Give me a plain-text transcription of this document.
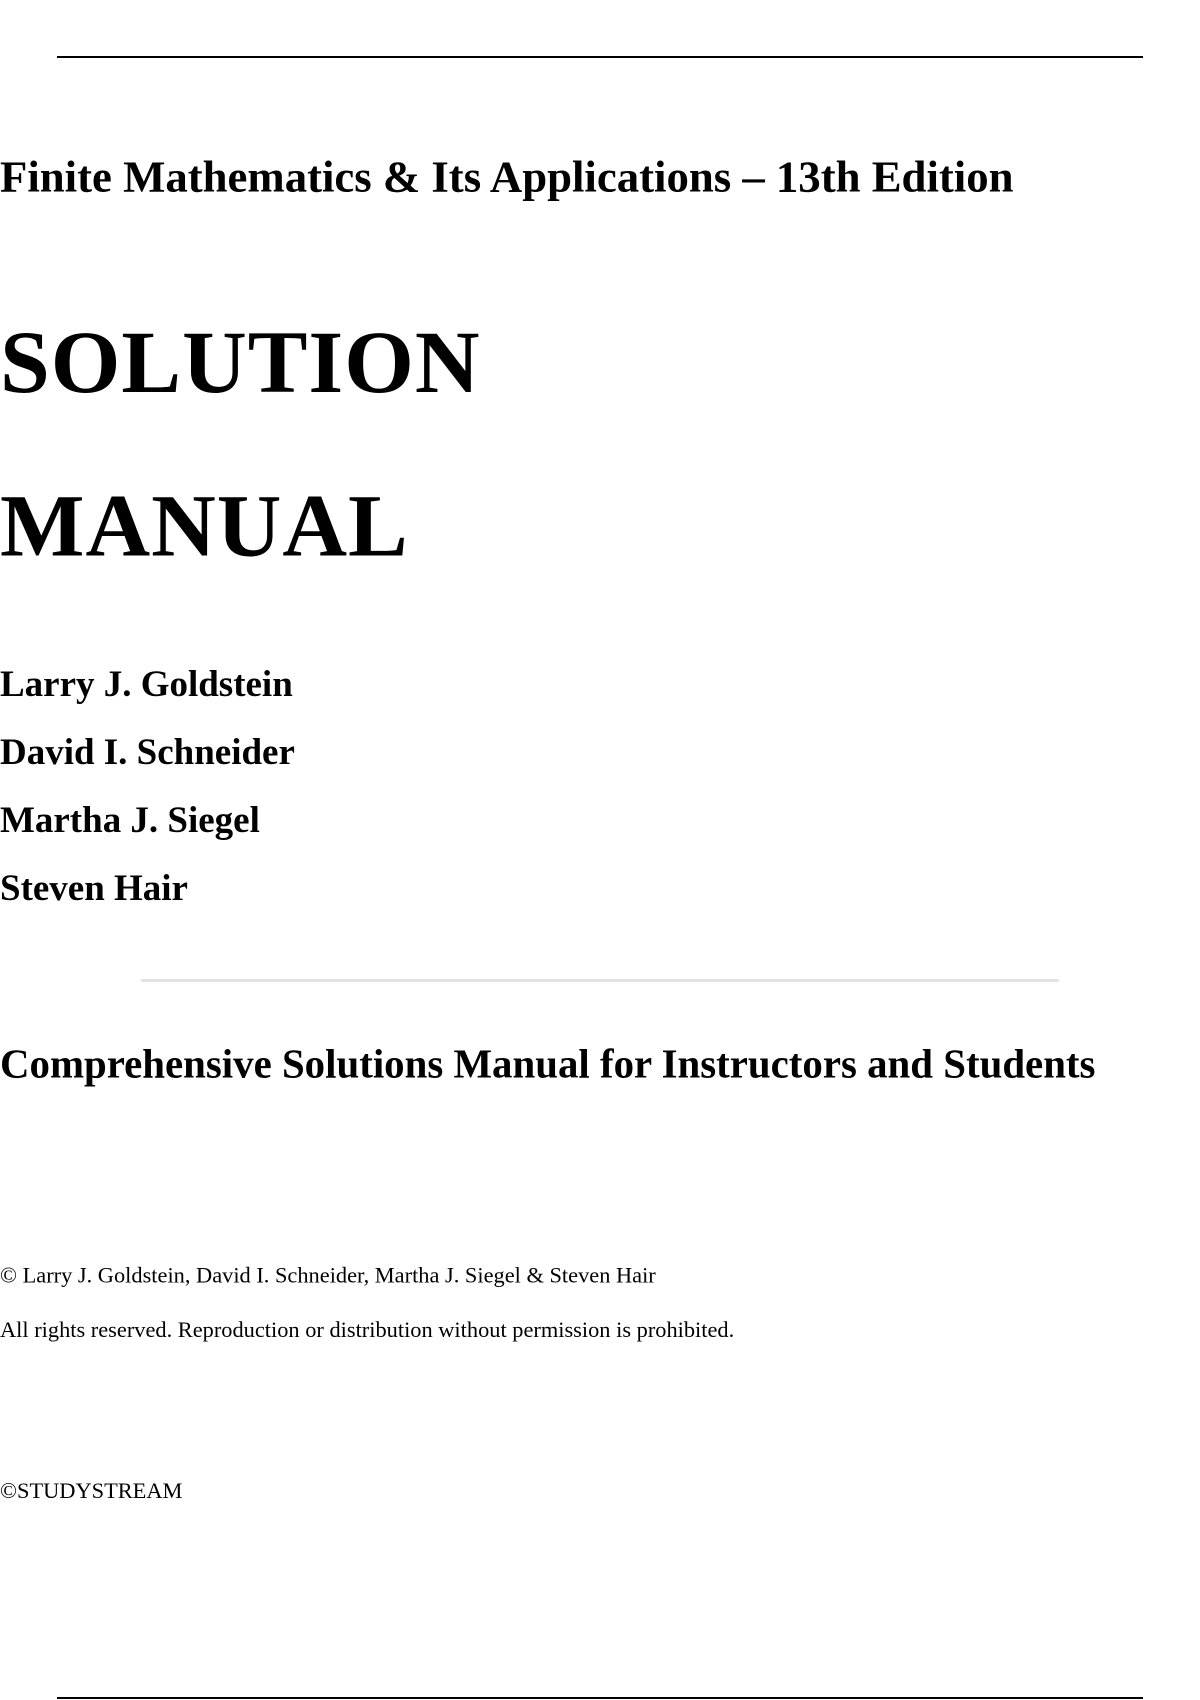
Finite Mathematics & Its Applications – 13th Edition
SOLUTION
MANUAL
Larry J. Goldstein
David I. Schneider
Martha J. Siegel
Steven Hair
Comprehensive Solutions Manual for Instructors and Students
© Larry J. Goldstein, David I. Schneider, Martha J. Siegel & Steven Hair
All rights reserved. Reproduction or distribution without permission is prohibited.
©STUDYSTREAM
